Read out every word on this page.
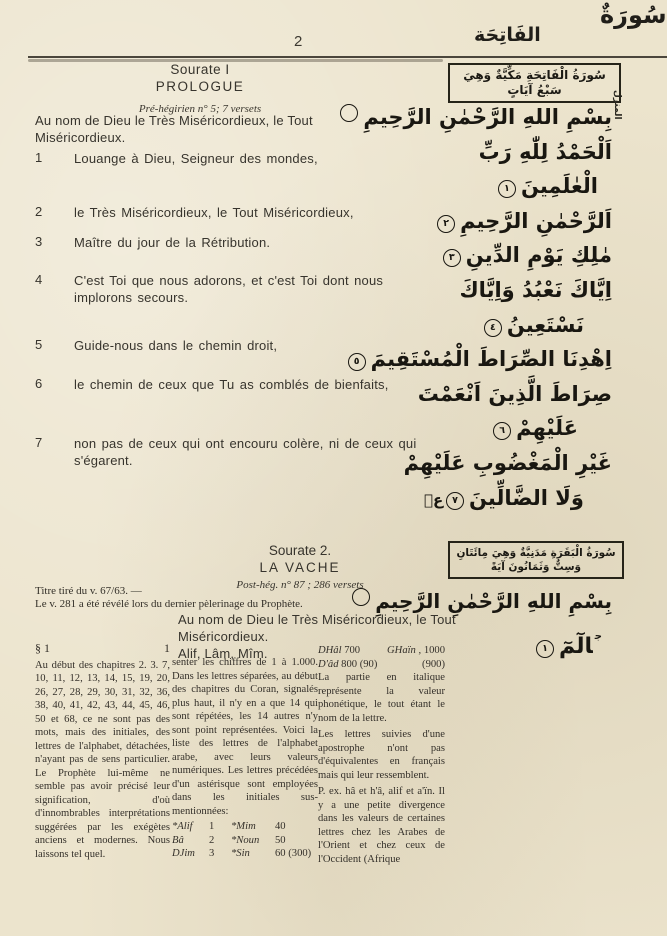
2	الفَاتِحَة
سُورَةٌ
Sourate I
PROLOGUE
Pré-hégirien n° 5; 7 versets
Au nom de Dieu le Très Miséricordieux, le Tout Miséricordieux.
1	Louange à Dieu, Seigneur des mondes,
2	le Très Miséricordieux, le Tout Miséricordieux,
3	Maître du jour de la Rétribution.
4	C'est Toi que nous adorons, et c'est Toi dont nous implorons secours.
5	Guide-nous dans le chemin droit,
6	le chemin de ceux que Tu as comblés de bienfaits,
7	non pas de ceux qui ont encouru colère, ni de ceux qui s'égarent.
سُورَةُ الْفَاتِحَةِ مَكِّيَّةٌ وَهِيَ سَبْعُ آيَاتٍ	المنزل
بِسْمِ اللهِ الرَّحْمٰنِ الرَّحِيمِ
اَلْحَمْدُ لِلّٰهِ رَبِّ
الْعٰلَمِينَ١
اَلرَّحْمٰنِ الرَّحِيمِ٢
مٰلِكِ يَوْمِ الدِّينِ٣
اِيَّاكَ نَعْبُدُ وَاِيَّاكَ
نَسْتَعِينُ٤
اِهْدِنَا الصِّرَاطَ الْمُسْتَقِيمَ٥
صِرَاطَ الَّذِينَ اَنْعَمْتَ
عَلَيْهِمْ٦
غَيْرِ الْمَغْضُوبِ عَلَيْهِمْ
عۛ وَلَا الضَّالِّينَ٧
Sourate 2.
LA VACHE
Post-hég. n° 87 ; 286 versets
Titre tiré du v. 67/63. —
Le v. 281 a été révélé lors du dernier pèlerinage du Prophète.
Au nom de Dieu le Très Miséricordieux, le Tout Miséricordieux.
Alif, Lâm, Mîm.
سُورَةُ الْبَقَرَةِ مَدَنِيَّةٌ وَهِيَ مِائَتَانِ وَسِتٌّ وَثَمَانُونَ آيَةً
بِسْمِ اللهِ الرَّحْمٰنِ الرَّحِيمِ
$^ج$الٓمٓ١
§ 1	1
Au début des chapitres 2. 3. 7, 10, 11, 12, 13, 14, 15, 19, 20, 26, 27, 28, 29, 30, 31, 32, 36, 38, 40, 41, 42, 43, 44, 45, 46, 50 et 68, ce ne sont pas des mots, mais des initiales, des lettres de l'alphabet, détachées, n'ayant pas de sens particulier. Le Prophète lui-même ne semble pas avoir précisé leur signification, d'où d'innombrables interprétations suggérées par les exégètes anciens et modernes. Nous laissons tel quel.
senter les chiffres de 1 à 1.000. Dans les lettres séparées, au début des chapitres du Coran, signalés plus haut, il n'y en a que 14 qui sont répétées, les 14 autres n'y sont point représentées. Voici la liste des lettres de l'alphabet arabe, avec leurs valeurs numériques. Les lettres précédées d'un astérisque sont employées dans les initiales sus-mentionnées:
*Alif	1	*Mim	40
Bâ	2	*Noun	50
DJim	3	*Sin	60 (300)
DHâl 700	GHaïn , 1000
D'âd 800 (90)	(900)

La partie en italique représente la valeur phonétique, le tout étant le nom de la lettre.

Les lettres suivies d'une apostrophe n'ont pas d'équivalentes en français mais qui leur ressemblent.

P. ex. hâ et h'â, alif et a'ïn. Il y a une petite divergence dans les valeurs de certaines lettres chez les Arabes de l'Orient et chez ceux de l'Occident (Afrique
